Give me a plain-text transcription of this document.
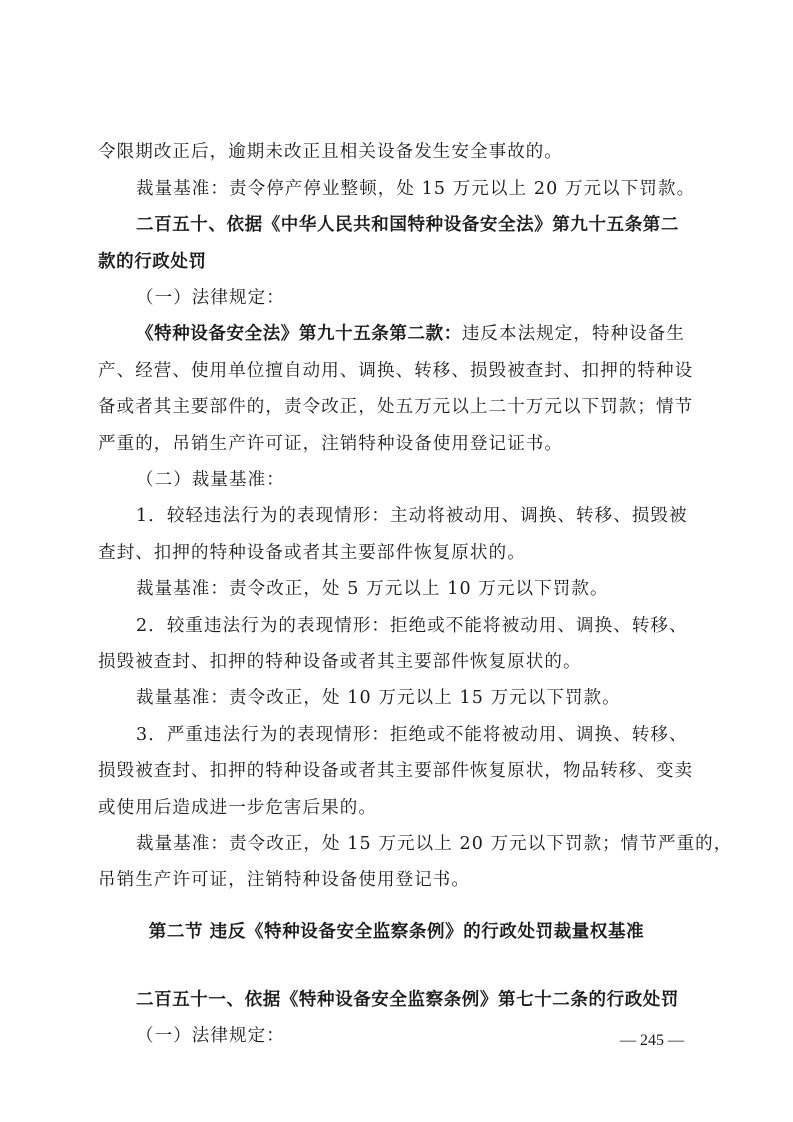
令限期改正后，逾期未改正且相关设备发生安全事故的。
裁量基准：责令停产停业整顿，处 15 万元以上 20 万元以下罚款。
二百五十、依据《中华人民共和国特种设备安全法》第九十五条第二
款的行政处罚
（一）法律规定：
《特种设备安全法》第九十五条第二款：违反本法规定，特种设备生
产、经营、使用单位擅自动用、调换、转移、损毁被查封、扣押的特种设
备或者其主要部件的，责令改正，处五万元以上二十万元以下罚款；情节
严重的，吊销生产许可证，注销特种设备使用登记证书。
（二）裁量基准：
1．较轻违法行为的表现情形：主动将被动用、调换、转移、损毁被
查封、扣押的特种设备或者其主要部件恢复原状的。
裁量基准：责令改正，处 5 万元以上 10 万元以下罚款。
2．较重违法行为的表现情形：拒绝或不能将被动用、调换、转移、
损毁被查封、扣押的特种设备或者其主要部件恢复原状的。
裁量基准：责令改正，处 10 万元以上 15 万元以下罚款。
3．严重违法行为的表现情形：拒绝或不能将被动用、调换、转移、
损毁被查封、扣押的特种设备或者其主要部件恢复原状，物品转移、变卖
或使用后造成进一步危害后果的。
裁量基准：责令改正，处 15 万元以上 20 万元以下罚款；情节严重的，
吊销生产许可证，注销特种设备使用登记书。
第二节 违反《特种设备安全监察条例》的行政处罚裁量权基准
二百五十一、依据《特种设备安全监察条例》第七十二条的行政处罚
（一）法律规定：	— 245 —
